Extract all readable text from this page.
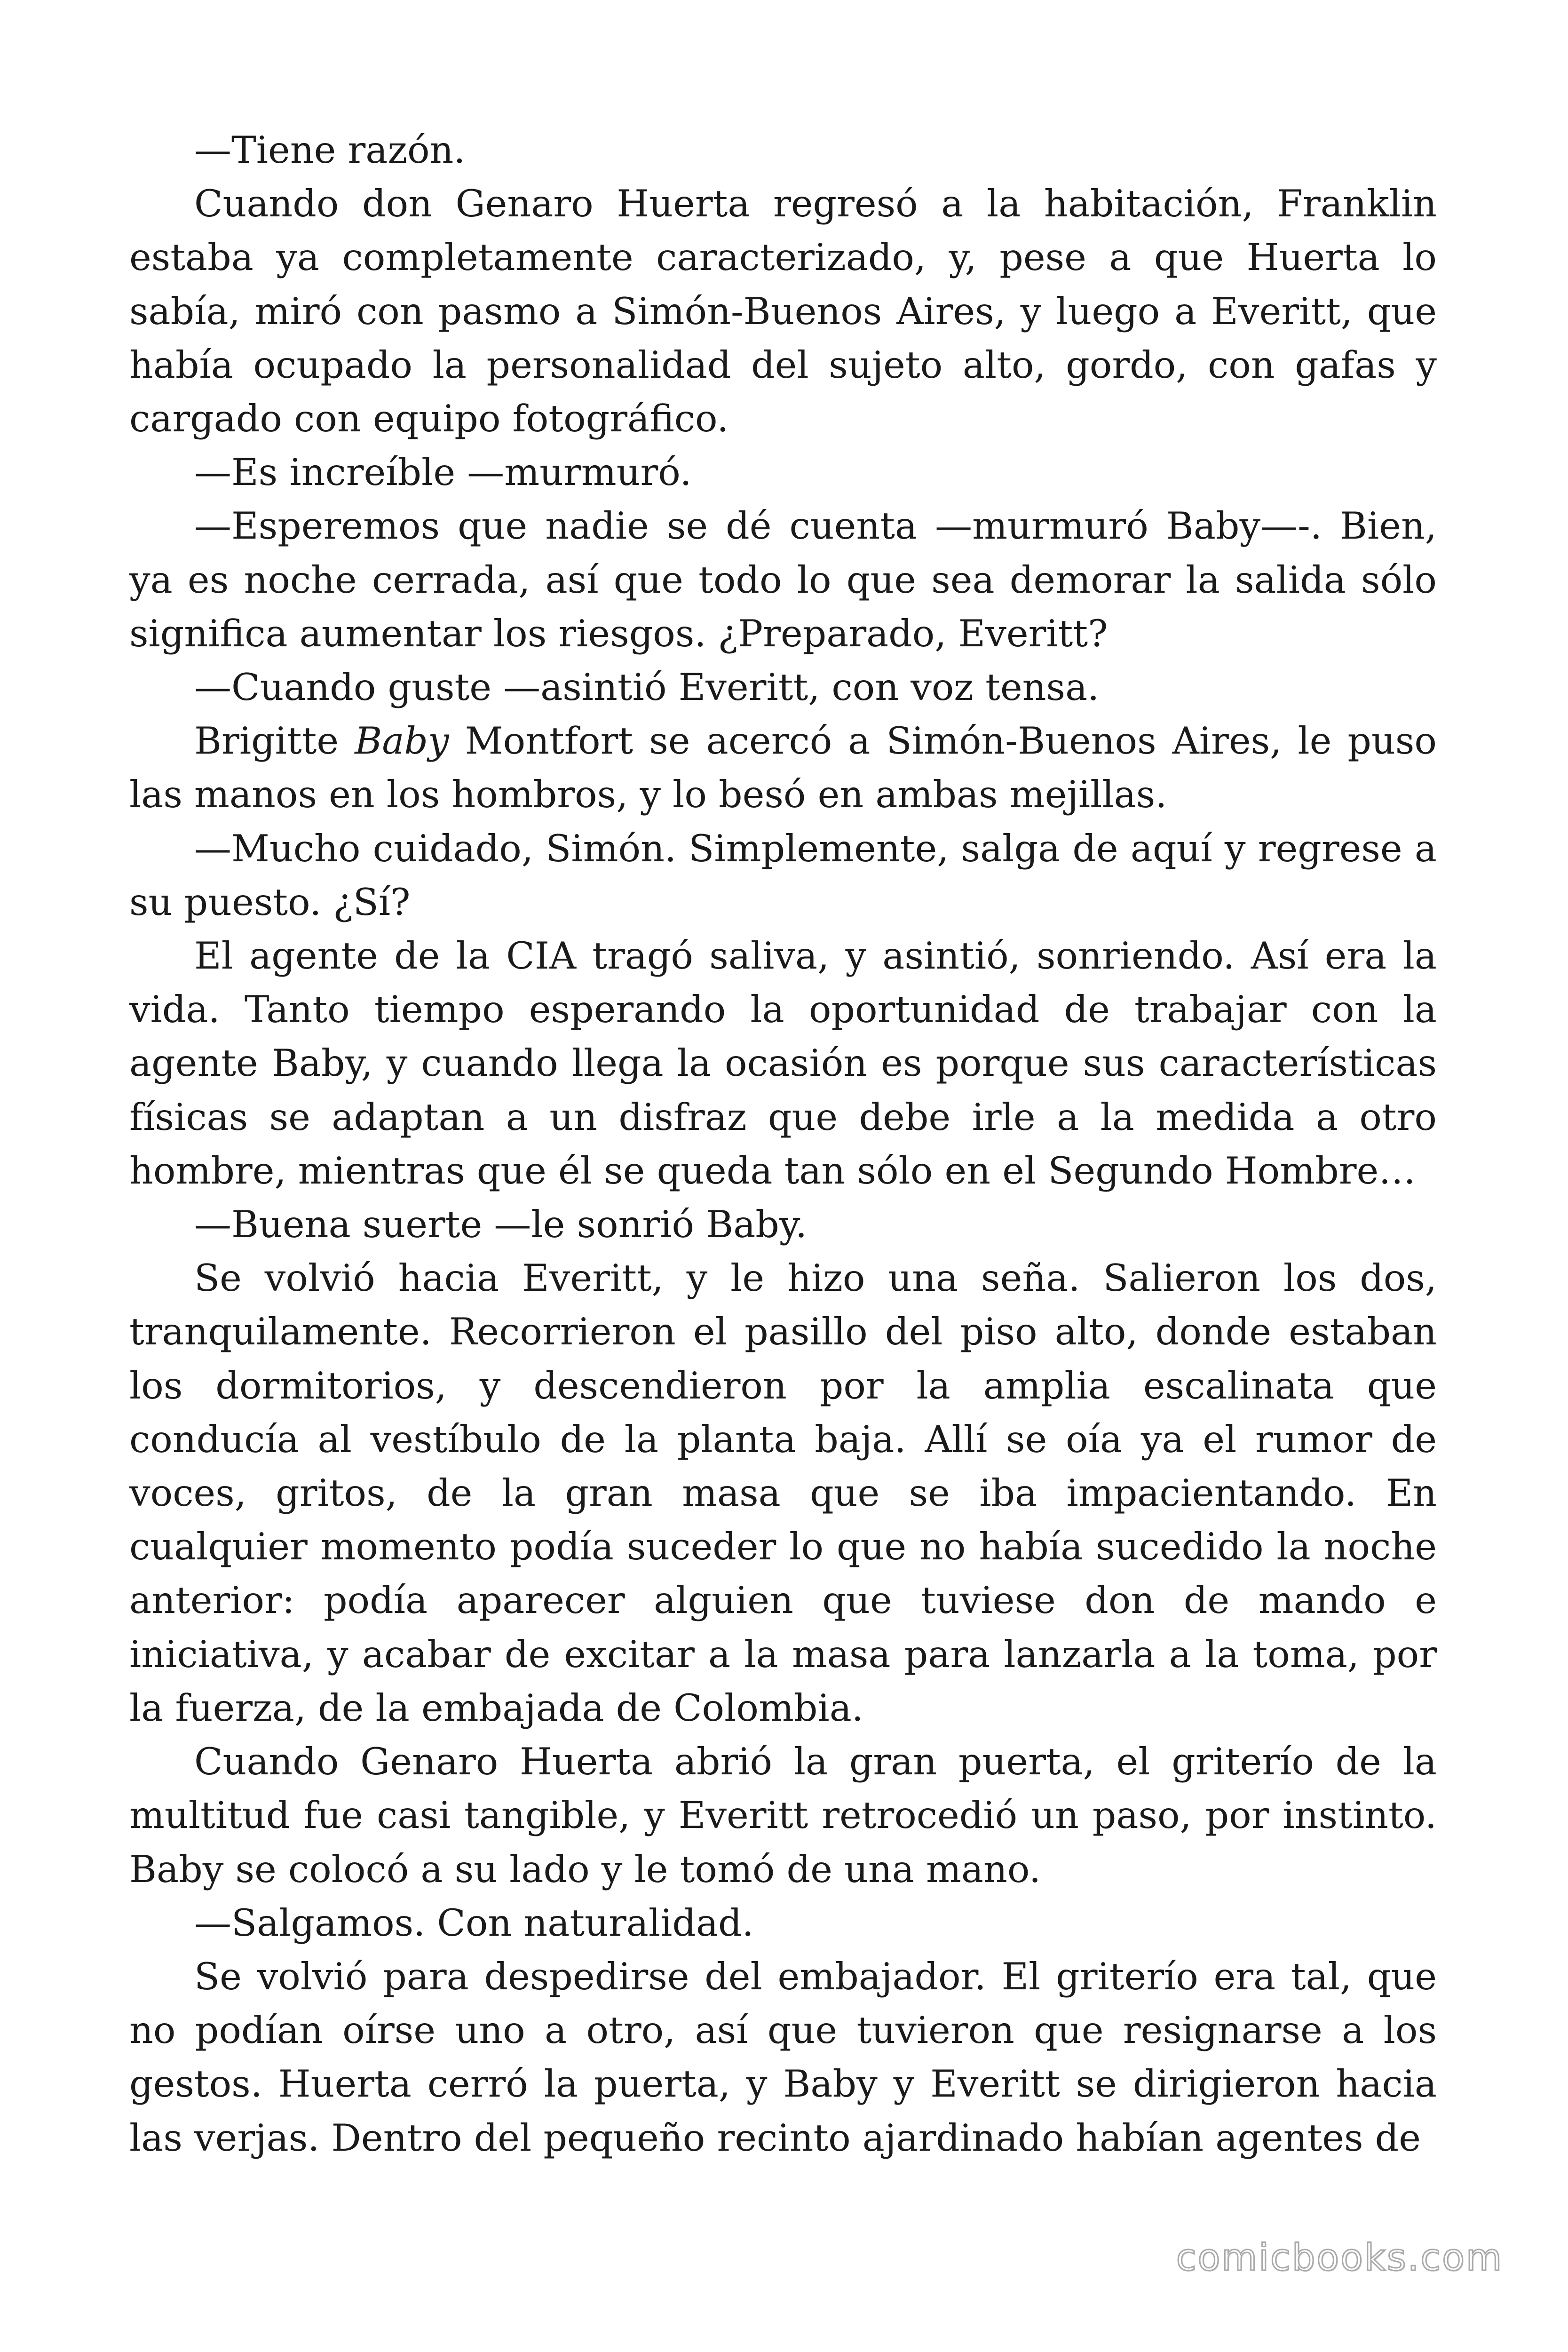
—Tiene razón.

Cuando don Genaro Huerta regresó a la habitación, Franklin estaba ya completamente caracterizado, y, pese a que Huerta lo sabía, miró con pasmo a Simón-Buenos Aires, y luego a Everitt, que había ocupado la personalidad del sujeto alto, gordo, con gafas y cargado con equipo fotográfico.

—Es increíble —murmuró.

—Esperemos que nadie se dé cuenta —murmuró Baby—-. Bien, ya es noche cerrada, así que todo lo que sea demorar la salida sólo significa aumentar los riesgos. ¿Preparado, Everitt?

—Cuando guste —asintió Everitt, con voz tensa.

Brigitte Baby Montfort se acercó a Simón-Buenos Aires, le puso las manos en los hombros, y lo besó en ambas mejillas.

—Mucho cuidado, Simón. Simplemente, salga de aquí y regrese a su puesto. ¿Sí?

El agente de la CIA tragó saliva, y asintió, sonriendo. Así era la vida. Tanto tiempo esperando la oportunidad de trabajar con la agente Baby, y cuando llega la ocasión es porque sus características físicas se adaptan a un disfraz que debe irle a la medida a otro hombre, mientras que él se queda tan sólo en el Segundo Hombre…

—Buena suerte —le sonrió Baby.

Se volvió hacia Everitt, y le hizo una seña. Salieron los dos, tranquilamente. Recorrieron el pasillo del piso alto, donde estaban los dormitorios, y descendieron por la amplia escalinata que conducía al vestíbulo de la planta baja. Allí se oía ya el rumor de voces, gritos, de la gran masa que se iba impacientando. En cualquier momento podía suceder lo que no había sucedido la noche anterior: podía aparecer alguien que tuviese don de mando e iniciativa, y acabar de excitar a la masa para lanzarla a la toma, por la fuerza, de la embajada de Colombia.

Cuando Genaro Huerta abrió la gran puerta, el griterío de la multitud fue casi tangible, y Everitt retrocedió un paso, por instinto. Baby se colocó a su lado y le tomó de una mano.

—Salgamos. Con naturalidad.

Se volvió para despedirse del embajador. El griterío era tal, que no podían oírse uno a otro, así que tuvieron que resignarse a los gestos. Huerta cerró la puerta, y Baby y Everitt se dirigieron hacia las verjas. Dentro del pequeño recinto ajardinado habían agentes de

comicbooks.com
